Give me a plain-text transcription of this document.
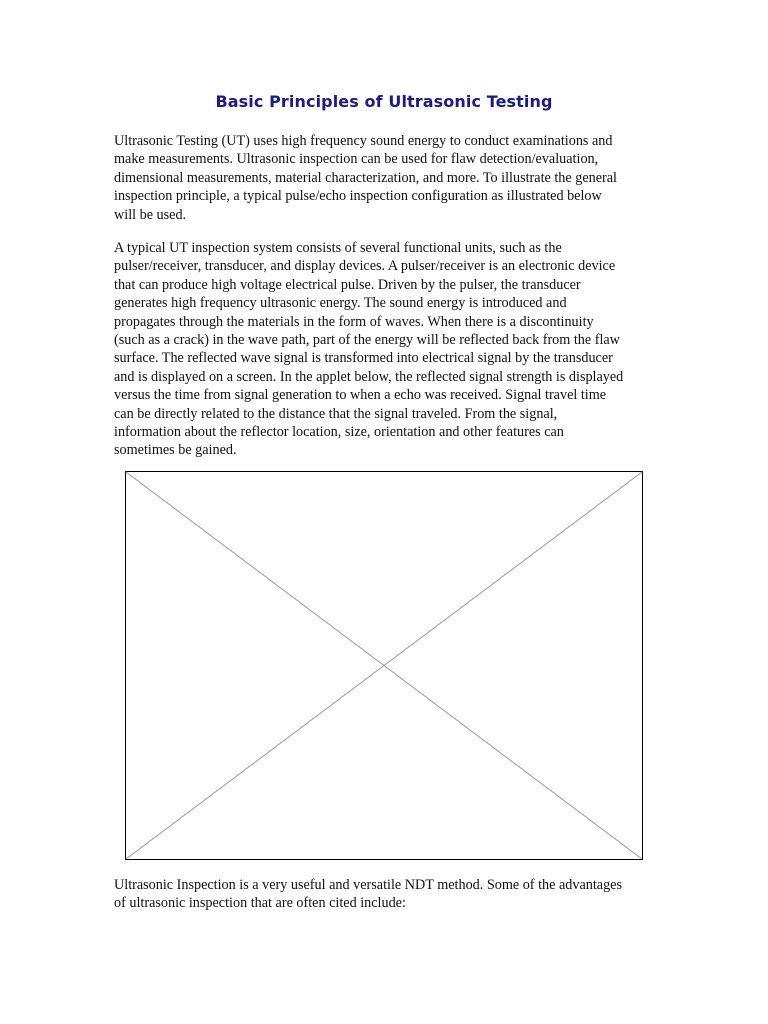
Basic Principles of Ultrasonic Testing

Ultrasonic Testing (UT) uses high frequency sound energy to conduct examinations and
make measurements. Ultrasonic inspection can be used for flaw detection/evaluation,
dimensional measurements, material characterization, and more. To illustrate the general
inspection principle, a typical pulse/echo inspection configuration as illustrated below
will be used.

A typical UT inspection system consists of several functional units, such as the
pulser/receiver, transducer, and display devices. A pulser/receiver is an electronic device
that can produce high voltage electrical pulse. Driven by the pulser, the transducer
generates high frequency ultrasonic energy. The sound energy is introduced and
propagates through the materials in the form of waves. When there is a discontinuity
(such as a crack) in the wave path, part of the energy will be reflected back from the flaw
surface. The reflected wave signal is transformed into electrical signal by the transducer
and is displayed on a screen. In the applet below, the reflected signal strength is displayed
versus the time from signal generation to when a echo was received. Signal travel time
can be directly related to the distance that the signal traveled. From the signal,
information about the reflector location, size, orientation and other features can
sometimes be gained.

Ultrasonic Inspection is a very useful and versatile NDT method. Some of the advantages
of ultrasonic inspection that are often cited include:
